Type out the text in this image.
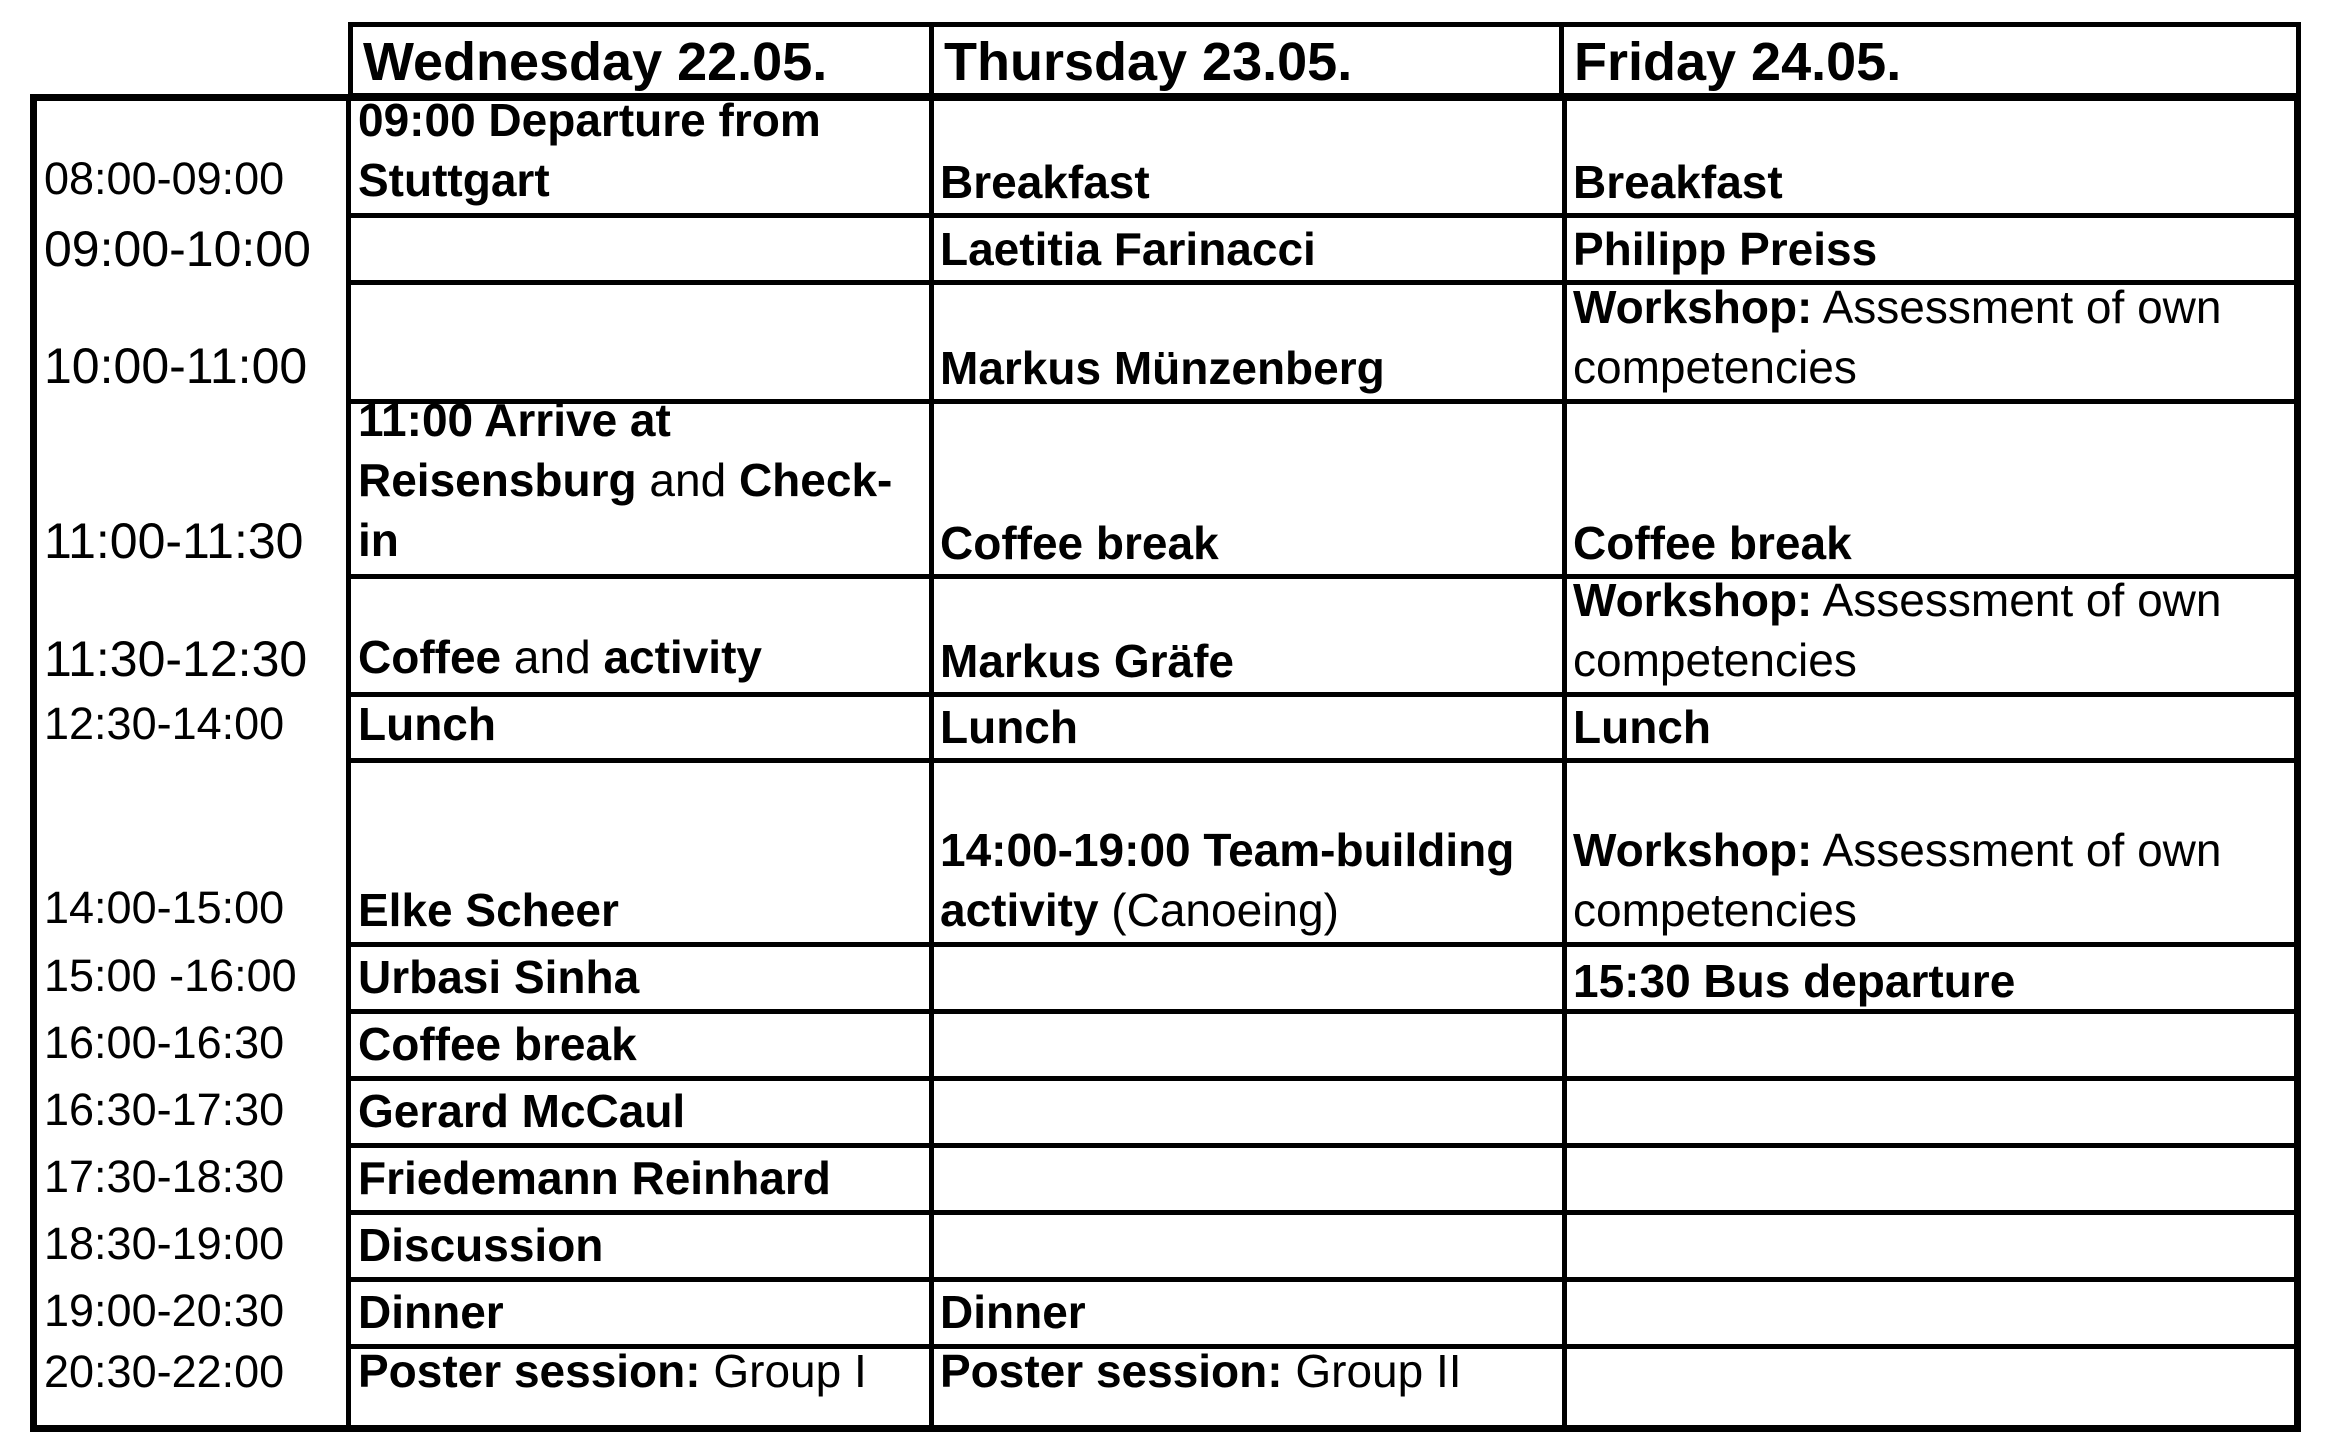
Wednesday 22.05.	Thursday 23.05.	Friday 24.05.
08:00-09:00
09:00-10:00
10:00-11:00
11:00-11:30
11:30-12:30
12:30-14:00
14:00-15:00
15:00 -16:00
16:00-16:30
16:30-17:30
17:30-18:30
18:30-19:00
19:00-20:30
20:30-22:00
09:00 Departure from
Stuttgart
11:00 Arrive at
Reisensburg and Check-
in
Coffee and activity
Lunch
Elke Scheer
Urbasi Sinha
Coffee break
Gerard McCaul
Friedemann Reinhard
Discussion
Dinner
Poster session: Group I
Breakfast
Laetitia Farinacci
Markus Münzenberg
Coffee break
Markus Gräfe
Lunch
14:00-19:00 Team-building
activity (Canoeing)
Dinner
Poster session: Group II
Breakfast
Philipp Preiss
Workshop: Assessment of own
competencies
Coffee break
Workshop: Assessment of own
competencies
Lunch
Workshop: Assessment of own
competencies
15:30 Bus departure
